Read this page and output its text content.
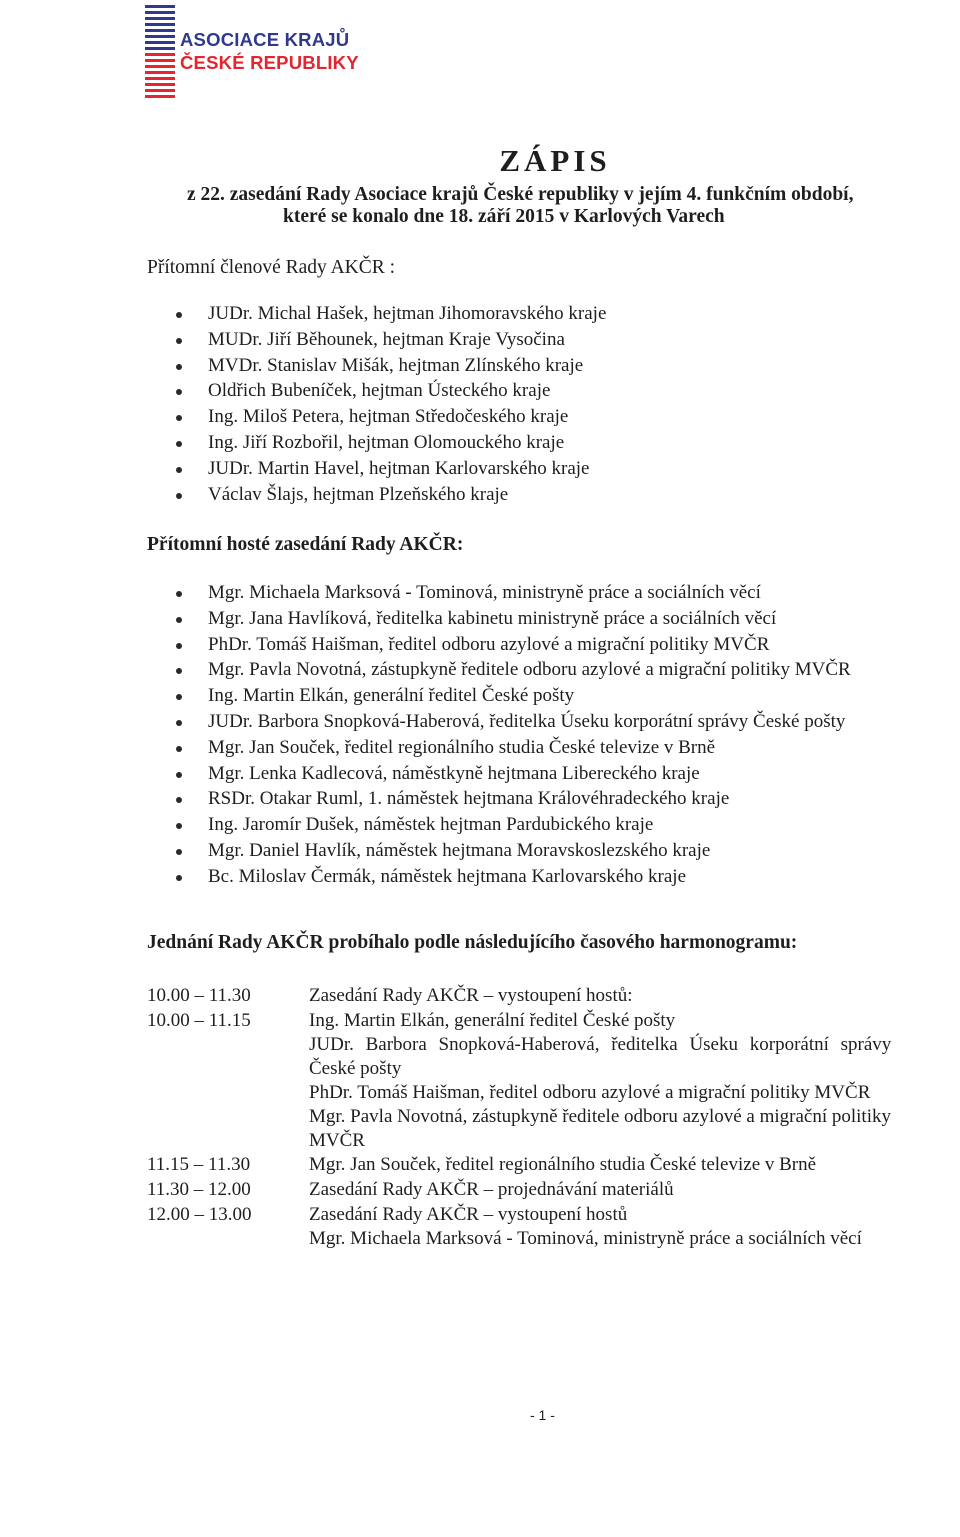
ASOCIACE KRAJŮ
ČESKÉ REPUBLIKY
ZÁPIS
z 22. zasedání Rady Asociace krajů České republiky v jejím 4. funkčním období,
které se konalo dne 18. září 2015 v Karlových Varech
Přítomní členové Rady AKČR :
JUDr. Michal Hašek, hejtman Jihomoravského kraje
MUDr. Jiří Běhounek, hejtman Kraje Vysočina
MVDr. Stanislav Mišák, hejtman Zlínského kraje
Oldřich Bubeníček, hejtman Ústeckého kraje
Ing. Miloš Petera, hejtman Středočeského kraje
Ing. Jiří Rozbořil, hejtman Olomouckého kraje
JUDr. Martin Havel, hejtman Karlovarského kraje
Václav Šlajs, hejtman Plzeňského kraje
Přítomní hosté zasedání Rady AKČR:
Mgr. Michaela Marksová - Tominová, ministryně práce a sociálních věcí
Mgr. Jana Havlíková, ředitelka kabinetu ministryně práce a sociálních věcí
PhDr. Tomáš Haišman, ředitel odboru azylové a migrační politiky MVČR
Mgr. Pavla Novotná, zástupkyně ředitele odboru azylové a migrační politiky MVČR
Ing. Martin Elkán, generální ředitel České pošty
JUDr. Barbora Snopková-Haberová, ředitelka Úseku korporátní správy České pošty
Mgr. Jan Souček, ředitel regionálního studia České televize v Brně
Mgr. Lenka Kadlecová, náměstkyně hejtmana Libereckého kraje
RSDr. Otakar Ruml, 1. náměstek hejtmana Královéhradeckého kraje
Ing. Jaromír Dušek, náměstek hejtman Pardubického kraje
Mgr. Daniel Havlík, náměstek hejtmana Moravskoslezského kraje
Bc. Miloslav Čermák, náměstek hejtmana Karlovarského kraje
Jednání Rady AKČR probíhalo podle následujícího časového harmonogramu:
10.00 – 11.30
10.00 – 11.15
11.15 – 11.30
11.30 – 12.00
12.00 – 13.00
Zasedání Rady AKČR – vystoupení hostů:
Ing. Martin Elkán, generální ředitel České pošty
JUDr. Barbora Snopková-Haberová, ředitelka Úseku korporátní správy
České pošty
PhDr. Tomáš Haišman, ředitel odboru azylové a migrační politiky MVČR
Mgr. Pavla Novotná, zástupkyně ředitele odboru azylové a migrační politiky
MVČR
Mgr. Jan Souček, ředitel regionálního studia České televize v Brně
Zasedání Rady AKČR – projednávání materiálů
Zasedání Rady AKČR – vystoupení hostů
Mgr. Michaela Marksová - Tominová, ministryně práce a sociálních věcí
- 1 -
